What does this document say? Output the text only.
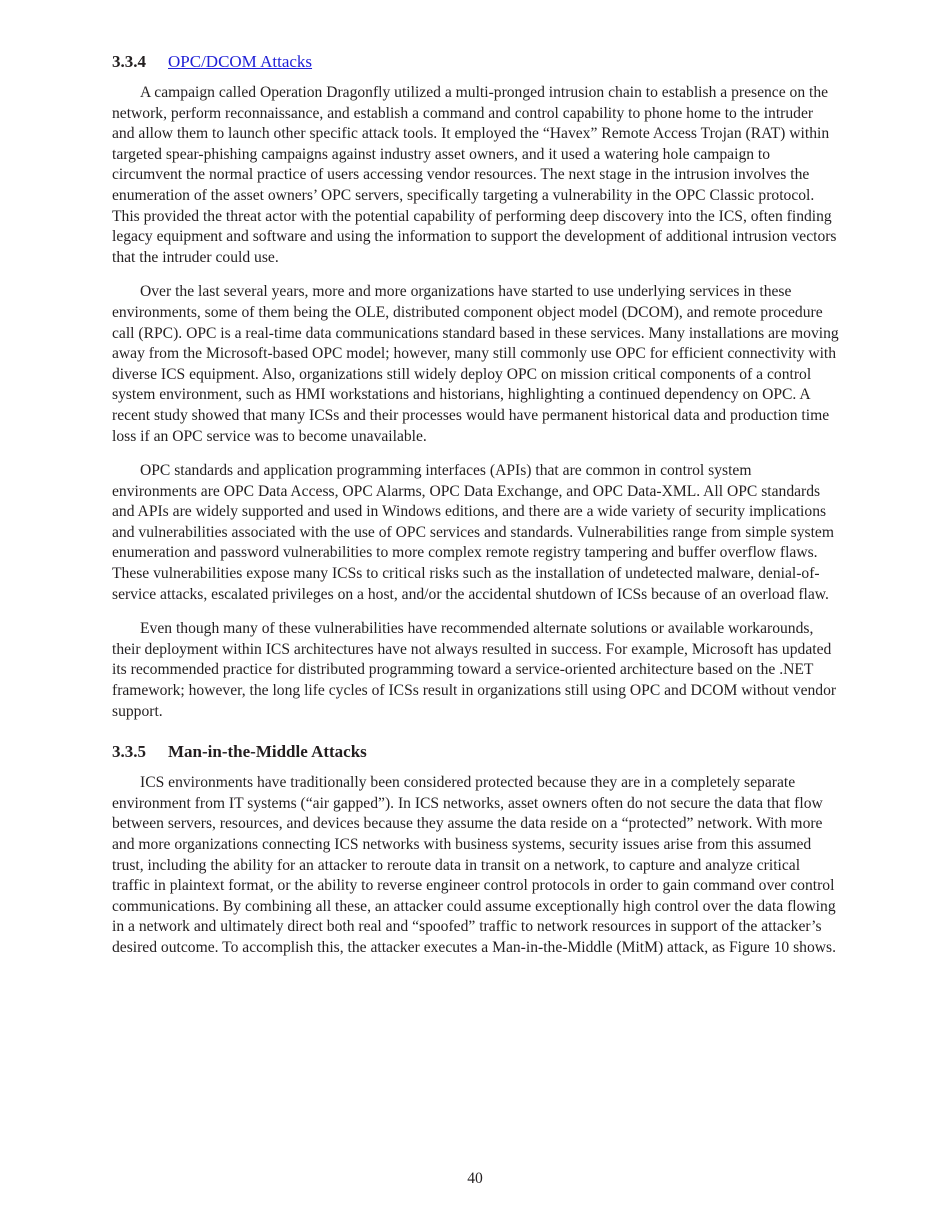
3.3.4	OPC/DCOM Attacks

A campaign called Operation Dragonfly utilized a multi-pronged intrusion chain to establish a presence on the network, perform reconnaissance, and establish a command and control capability to phone home to the intruder and allow them to launch other specific attack tools. It employed the “Havex” Remote Access Trojan (RAT) within targeted spear-phishing campaigns against industry asset owners, and it used a watering hole campaign to circumvent the normal practice of users accessing vendor resources. The next stage in the intrusion involves the enumeration of the asset owners’ OPC servers, specifically targeting a vulnerability in the OPC Classic protocol. This provided the threat actor with the potential capability of performing deep discovery into the ICS, often finding legacy equipment and software and using the information to support the development of additional intrusion vectors that the intruder could use.

Over the last several years, more and more organizations have started to use underlying services in these environments, some of them being the OLE, distributed component object model (DCOM), and remote procedure call (RPC). OPC is a real-time data communications standard based in these services. Many installations are moving away from the Microsoft-based OPC model; however, many still commonly use OPC for efficient connectivity with diverse ICS equipment. Also, organizations still widely deploy OPC on mission critical components of a control system environment, such as HMI workstations and historians, highlighting a continued dependency on OPC. A recent study showed that many ICSs and their processes would have permanent historical data and production time loss if an OPC service was to become unavailable.

OPC standards and application programming interfaces (APIs) that are common in control system environments are OPC Data Access, OPC Alarms, OPC Data Exchange, and OPC Data-XML. All OPC standards and APIs are widely supported and used in Windows editions, and there are a wide variety of security implications and vulnerabilities associated with the use of OPC services and standards. Vulnerabilities range from simple system enumeration and password vulnerabilities to more complex remote registry tampering and buffer overflow flaws. These vulnerabilities expose many ICSs to critical risks such as the installation of undetected malware, denial-of-service attacks, escalated privileges on a host, and/or the accidental shutdown of ICSs because of an overload flaw.

Even though many of these vulnerabilities have recommended alternate solutions or available workarounds, their deployment within ICS architectures have not always resulted in success. For example, Microsoft has updated its recommended practice for distributed programming toward a service-oriented architecture based on the .NET framework; however, the long life cycles of ICSs result in organizations still using OPC and DCOM without vendor support.

3.3.5	Man-in-the-Middle Attacks

ICS environments have traditionally been considered protected because they are in a completely separate environment from IT systems (“air gapped”). In ICS networks, asset owners often do not secure the data that flow between servers, resources, and devices because they assume the data reside on a “protected” network. With more and more organizations connecting ICS networks with business systems, security issues arise from this assumed trust, including the ability for an attacker to reroute data in transit on a network, to capture and analyze critical traffic in plaintext format, or the ability to reverse engineer control protocols in order to gain command over control communications. By combining all these, an attacker could assume exceptionally high control over the data flowing in a network and ultimately direct both real and “spoofed” traffic to network resources in support of the attacker’s desired outcome. To accomplish this, the attacker executes a Man-in-the-Middle (MitM) attack, as Figure 10 shows.

40
